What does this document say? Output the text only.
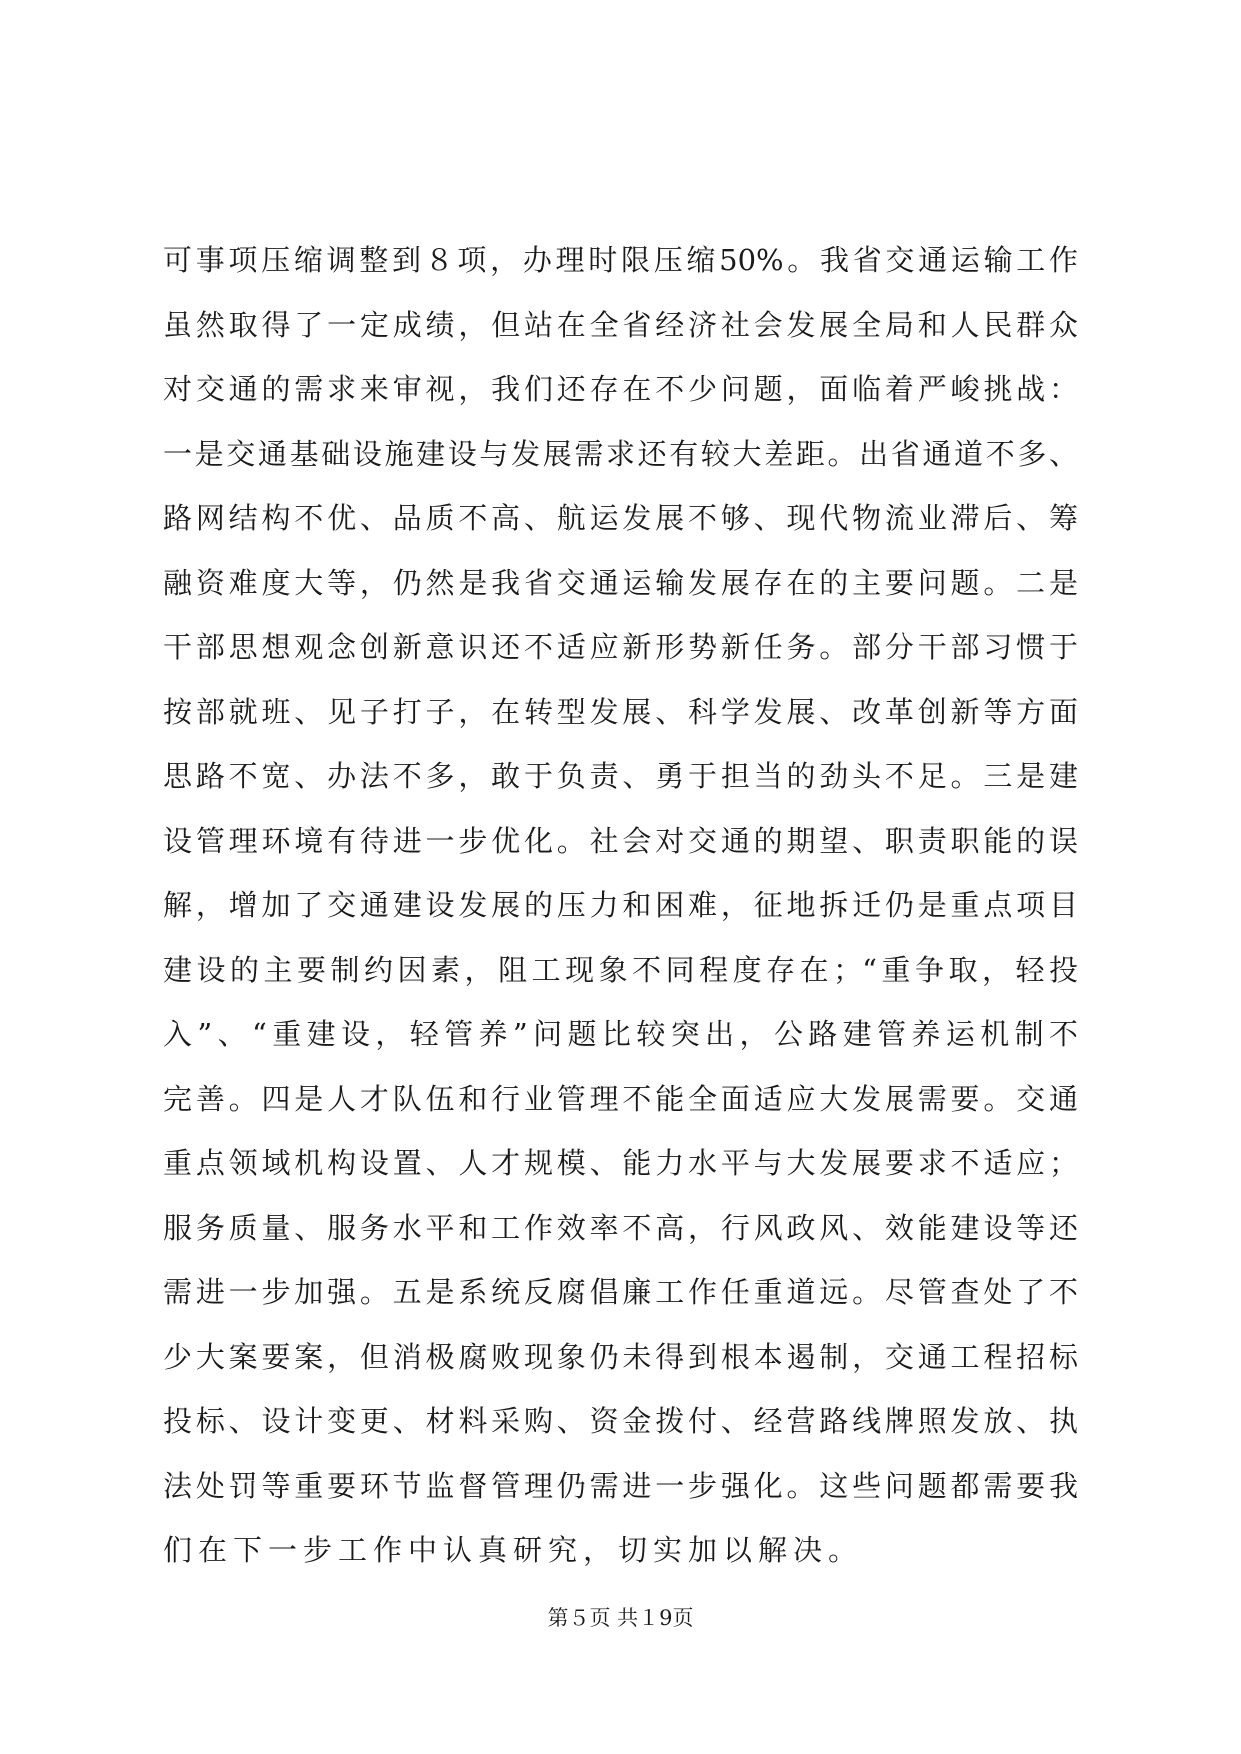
可事项压缩调整到８项，办理时限压缩50%。我省交通运输工作
虽然取得了一定成绩，但站在全省经济社会发展全局和人民群众
对交通的需求来审视，我们还存在不少问题，面临着严峻挑战：
一是交通基础设施建设与发展需求还有较大差距。出省通道不多、
路网结构不优、品质不高、航运发展不够、现代物流业滞后、筹
融资难度大等，仍然是我省交通运输发展存在的主要问题。二是
干部思想观念创新意识还不适应新形势新任务。部分干部习惯于
按部就班、见子打子，在转型发展、科学发展、改革创新等方面
思路不宽、办法不多，敢于负责、勇于担当的劲头不足。三是建
设管理环境有待进一步优化。社会对交通的期望、职责职能的误
解，增加了交通建设发展的压力和困难，征地拆迁仍是重点项目
建设的主要制约因素，阻工现象不同程度存在；“重争取，轻投
入”、“重建设，轻管养”问题比较突出，公路建管养运机制不
完善。四是人才队伍和行业管理不能全面适应大发展需要。交通
重点领域机构设置、人才规模、能力水平与大发展要求不适应；
服务质量、服务水平和工作效率不高，行风政风、效能建设等还
需进一步加强。五是系统反腐倡廉工作任重道远。尽管查处了不
少大案要案，但消极腐败现象仍未得到根本遏制，交通工程招标
投标、设计变更、材料采购、资金拨付、经营路线牌照发放、执
法处罚等重要环节监督管理仍需进一步强化。这些问题都需要我
们在下一步工作中认真研究，切实加以解决。
第５页 共１9页
